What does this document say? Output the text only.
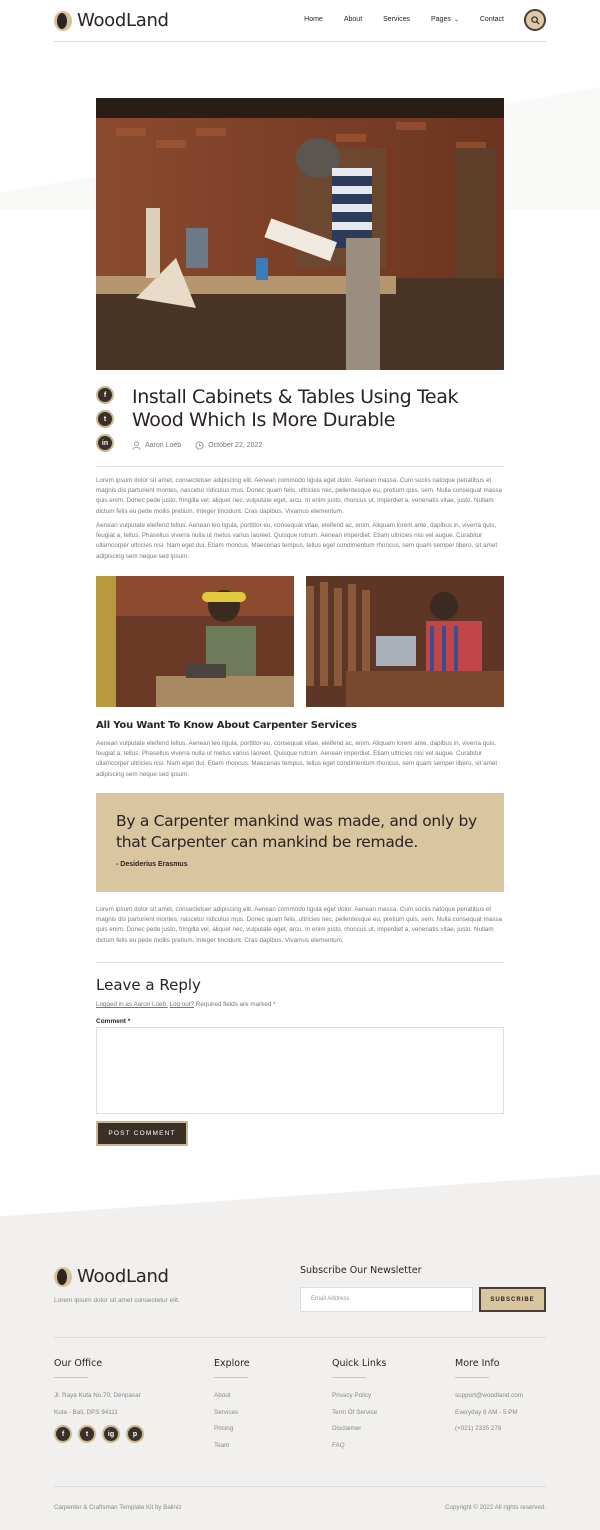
WoodLand	Home	About	Services	Pages ⌄	Contact
f
t
in
Install Cabinets & Tables Using Teak Wood Which Is More Durable
Aaron Loeb	October 22, 2022
Lorem ipsum dolor sit amet, consectetuer adipiscing elit. Aenean commodo ligula eget dolor. Aenean massa. Cum sociis natoque penatibus et magnis dis parturient montes, nascetur ridiculus mus. Donec quam felis, ultricies nec, pellentesque eu, pretium quis, sem. Nulla consequat massa quis enim. Donec pede justo, fringilla vel, aliquet nec, vulputate eget, arcu. In enim justo, rhoncus ut, imperdiet a, venenatis vitae, justo. Nullam dictum felis eu pede mollis pretium. Integer tincidunt. Cras dapibus. Vivamus elementum.
Aenean vulputate eleifend tellus. Aenean leo ligula, porttitor eu, consequat vitae, eleifend ac, enim. Aliquam lorem ante, dapibus in, viverra quis, feugiat a, tellus. Phasellus viverra nulla ut metus varius laoreet. Quisque rutrum. Aenean imperdiet. Etiam ultricies nisi vel augue. Curabitur ullamcorper ultricies nisi. Nam eget dui. Etiam rhoncus. Maecenas tempus, tellus eget condimentum rhoncus, sem quam semper libero, sit amet adipiscing sem neque sed ipsum.
All You Want To Know About Carpenter Services
Aenean vulputate eleifend tellus. Aenean leo ligula, porttitor eu, consequat vitae, eleifend ac, enim. Aliquam lorem ante, dapibus in, viverra quis, feugiat a, tellus. Phasellus viverra nulla ut metus varius laoreet. Quisque rutrum. Aenean imperdiet. Etiam ultricies nisi vel augue. Curabitur ullamcorper ultricies nisi. Nam eget dui. Etiam rhoncus. Maecenas tempus, tellus eget condimentum rhoncus, sem quam semper libero, sit amet adipiscing sem neque sed ipsum.
By a Carpenter mankind was made, and only by that Carpenter can mankind be remade.
- Desiderius Erasmus
Lorem ipsum dolor sit amet, consectetuer adipiscing elit. Aenean commodo ligula eget dolor. Aenean massa. Cum sociis natoque penatibus et magnis dis parturient montes, nascetur ridiculus mus. Donec quam felis, ultricies nec, pellentesque eu, pretium quis, sem. Nulla consequat massa quis enim. Donec pede justo, fringilla vel, aliquet nec, vulputate eget, arcu. In enim justo, rhoncus ut, imperdiet a, venenatis vitae, justo. Nullam dictum felis eu pede mollis pretium. Integer tincidunt. Cras dapibus. Vivamus elementum.
Leave a Reply
Logged in as Aaron Loeb. Log out? Required fields are marked *
Comment *
POST COMMENT
WoodLand
Lorem ipsum dolor sit amet consectetur elit.
Subscribe Our Newsletter
Email Address	SUBSCRIBE
Our Office
Jl. Raya Kuta No.70, Denpasar
Kuta - Bali, DPS 94111
f	t	ig	p
Explore
About
Services
Pricing
Team
Quick Links
Privacy Policy
Term Of Service
Disclaimer
FAQ
More Info
support@woodland.com
Everyday 8 AM - 5 PM
(+021) 2335 278
Carpenter & Craftsman Template Kit by Baliniz	Copyright © 2022 All rights reserved.
